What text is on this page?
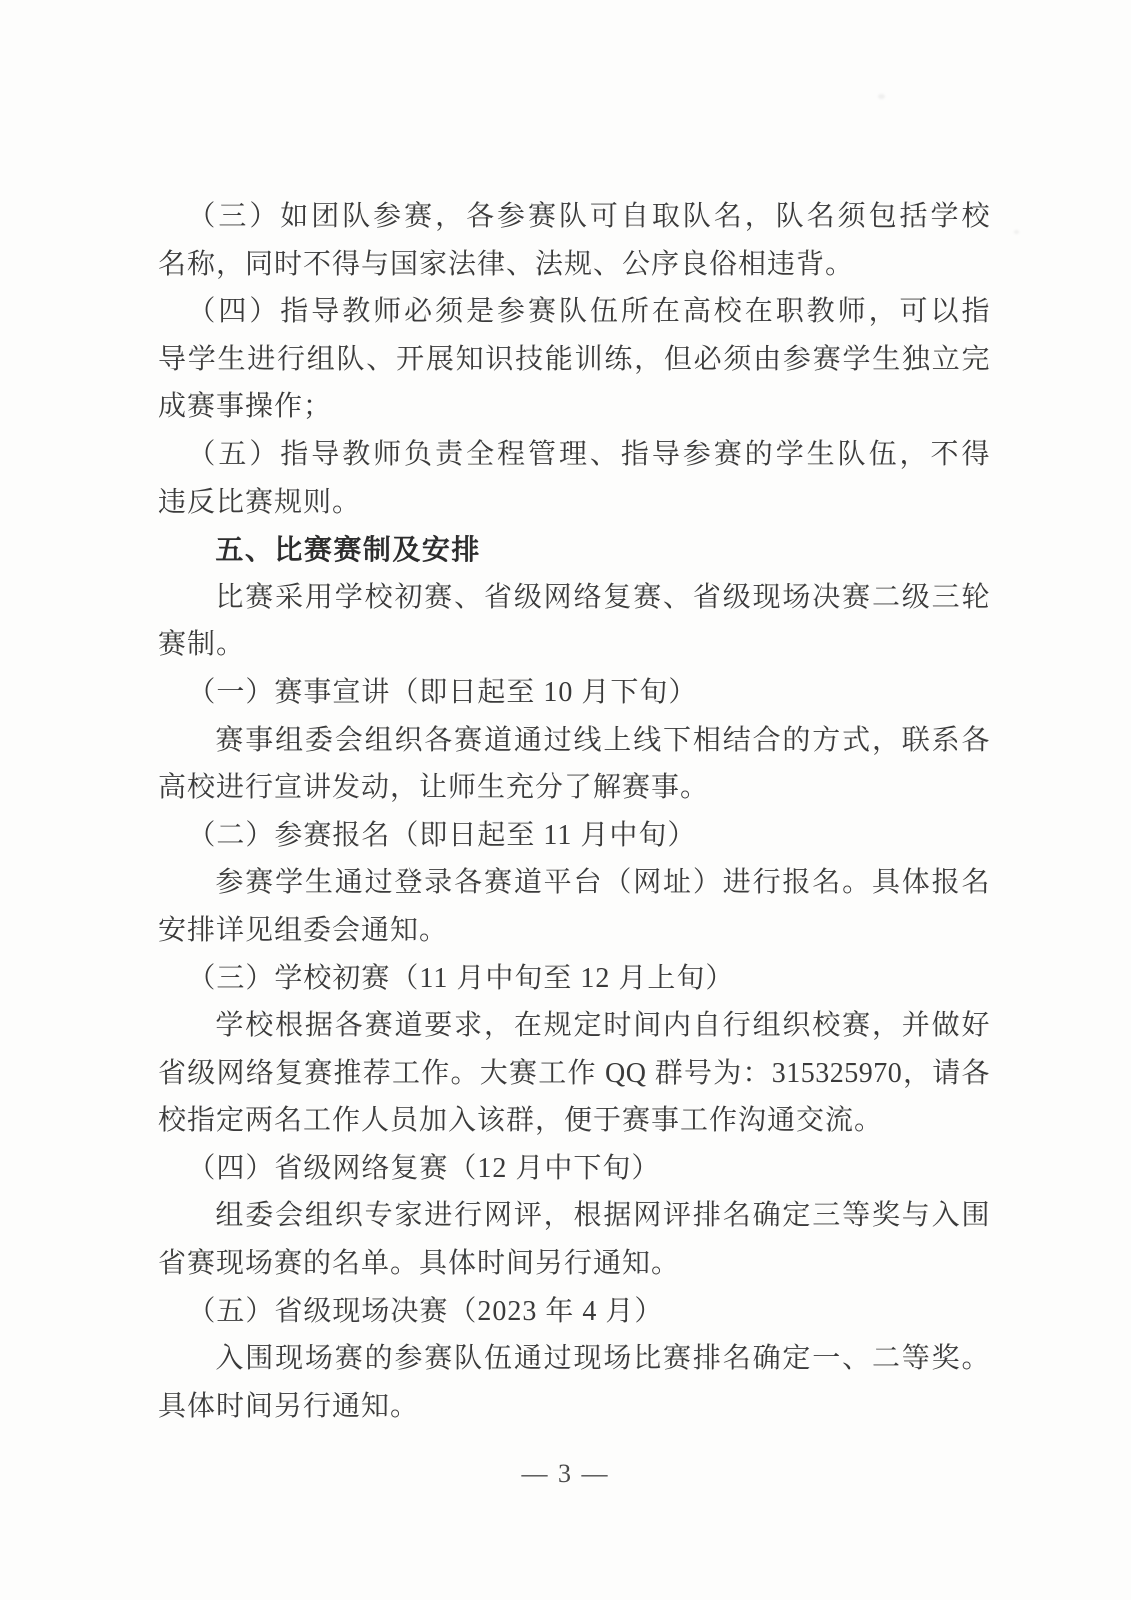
（三）如团队参赛，各参赛队可自取队名，队名须包括学校
名称，同时不得与国家法律、法规、公序良俗相违背。
（四）指导教师必须是参赛队伍所在高校在职教师，可以指
导学生进行组队、开展知识技能训练，但必须由参赛学生独立完
成赛事操作；
（五）指导教师负责全程管理、指导参赛的学生队伍，不得
违反比赛规则。
五、比赛赛制及安排
比赛采用学校初赛、省级网络复赛、省级现场决赛二级三轮
赛制。
（一）赛事宣讲（即日起至 10 月下旬）
赛事组委会组织各赛道通过线上线下相结合的方式，联系各
高校进行宣讲发动，让师生充分了解赛事。
（二）参赛报名（即日起至 11 月中旬）
参赛学生通过登录各赛道平台（网址）进行报名。具体报名
安排详见组委会通知。
（三）学校初赛（11 月中旬至 12 月上旬）
学校根据各赛道要求，在规定时间内自行组织校赛，并做好
省级网络复赛推荐工作。大赛工作 QQ 群号为：315325970，请各
校指定两名工作人员加入该群，便于赛事工作沟通交流。
（四）省级网络复赛（12 月中下旬）
组委会组织专家进行网评，根据网评排名确定三等奖与入围
省赛现场赛的名单。具体时间另行通知。
（五）省级现场决赛（2023 年 4 月）
入围现场赛的参赛队伍通过现场比赛排名确定一、二等奖。
具体时间另行通知。
— 3 —
